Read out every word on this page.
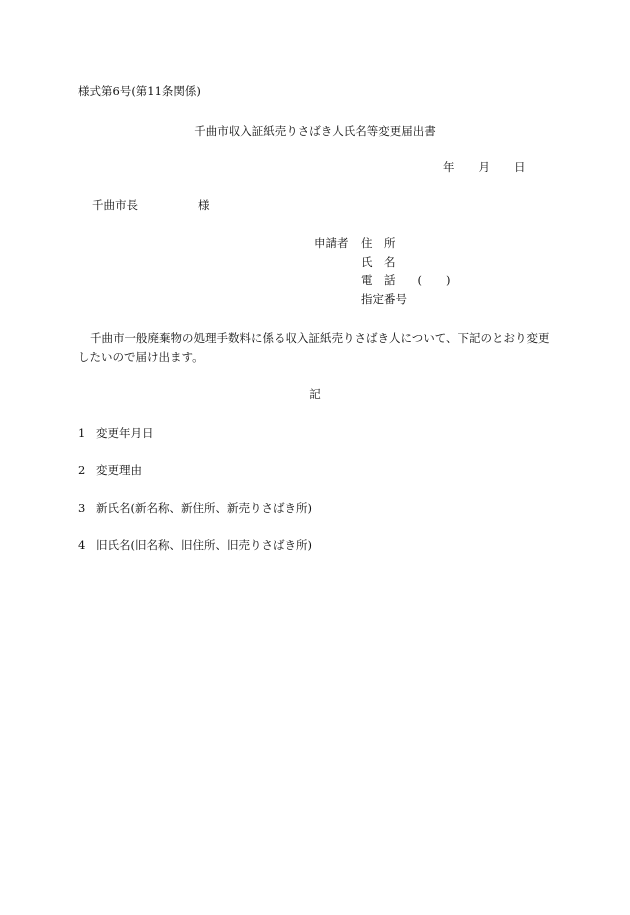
様式第6号(第11条関係)
千曲市収入証紙売りさばき人氏名等変更届出書
年 月 日
千曲市長	様
申請者 住　所
氏　名
電　話 ( )
指定番号
千曲市一般廃棄物の処理手数料に係る収入証紙売りさばき人について、下記のとおり変更したいので届け出ます。
記
1 変更年月日
2 変更理由
3 新氏名(新名称、新住所、新売りさばき所)
4 旧氏名(旧名称、旧住所、旧売りさばき所)
